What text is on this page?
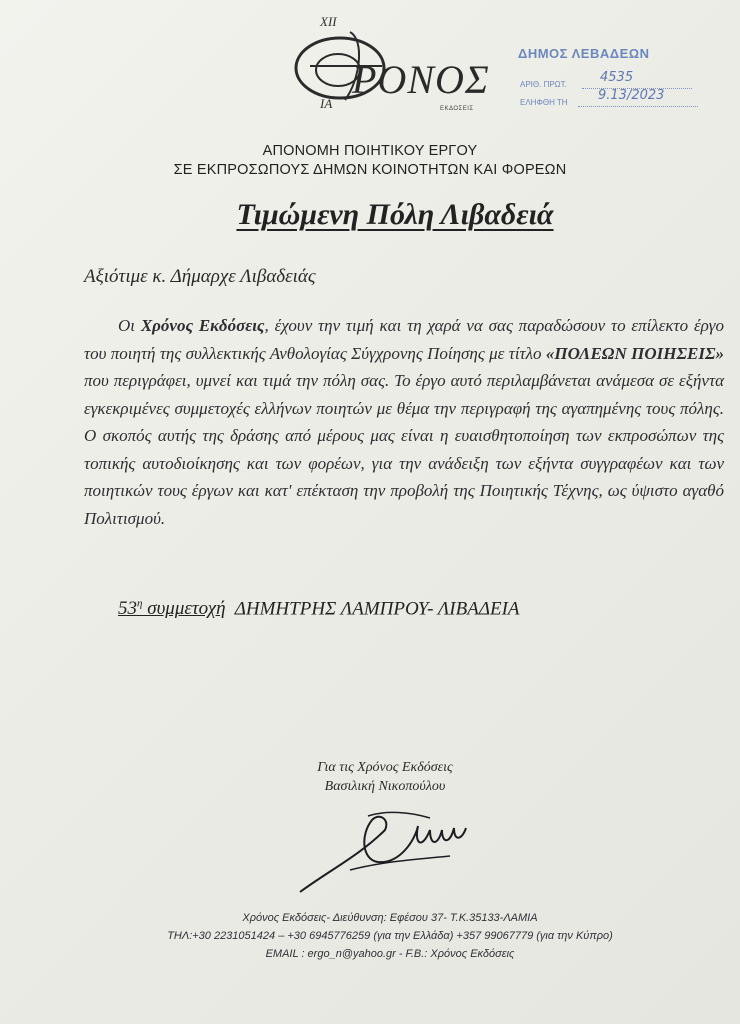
XII
IA
ΡΟΝΟΣ
ΕΚΔΟΣΕΙΣ
ΔΗΜΟΣ ΛΕΒΑΔΕΩΝ
ΑΡΙΘ. ΠΡΩΤ.	4535
ΕΛΗΦΘΗ ΤΗ 9.13/2023
ΑΠΟΝΟΜΗ ΠΟΙΗΤΙΚΟΥ ΕΡΓΟΥ
ΣΕ ΕΚΠΡΟΣΩΠΟΥΣ ΔΗΜΩΝ ΚΟΙΝΟΤΗΤΩΝ ΚΑΙ ΦΟΡΕΩΝ
Τιμώμενη Πόλη Λιβαδειά
Αξιότιμε κ. Δήμαρχε Λιβαδειάς
Οι Χρόνος Εκδόσεις, έχουν την τιμή και τη χαρά να σας παραδώσουν το επίλεκτο έργο του ποιητή της συλλεκτικής Ανθολογίας Σύγχρονης Ποίησης με τίτλο «ΠΟΛΕΩΝ ΠΟΙΗΣΕΙΣ» που περιγράφει, υμνεί και τιμά την πόλη σας. Το έργο αυτό περιλαμβάνεται ανάμεσα σε εξήντα εγκεκριμένες συμμετοχές ελλήνων ποιητών με θέμα την περιγραφή της αγαπημένης τους πόλης. Ο σκοπός αυτής της δράσης από μέρους μας είναι η ευαισθητοποίηση των εκπροσώπων της τοπικής αυτοδιοίκησης και των φορέων, για την ανάδειξη των εξήντα συγγραφέων και των ποιητικών τους έργων και κατ' επέκταση την προβολή της Ποιητικής Τέχνης, ως ύψιστο αγαθό Πολιτισμού.
$53^\eta$ συμμετοχή  ΔΗΜΗΤΡΗΣ ΛΑΜΠΡΟΥ- ΛΙΒΑΔΕΙΑ
Για τις Χρόνος Εκδόσεις
Βασιλική Νικοπούλου
Χρόνος Εκδόσεις- Διεύθυνση: Εφέσου 37- Τ.Κ.35133-ΛΑΜΙΑ
ΤΗΛ:+30 2231051424 – +30 6945776259 (για την Ελλάδα) +357 99067779 (για την Κύπρο)
EMAIL : ergo_n@yahoo.gr - F.B.: Χρόνος Εκδόσεις
